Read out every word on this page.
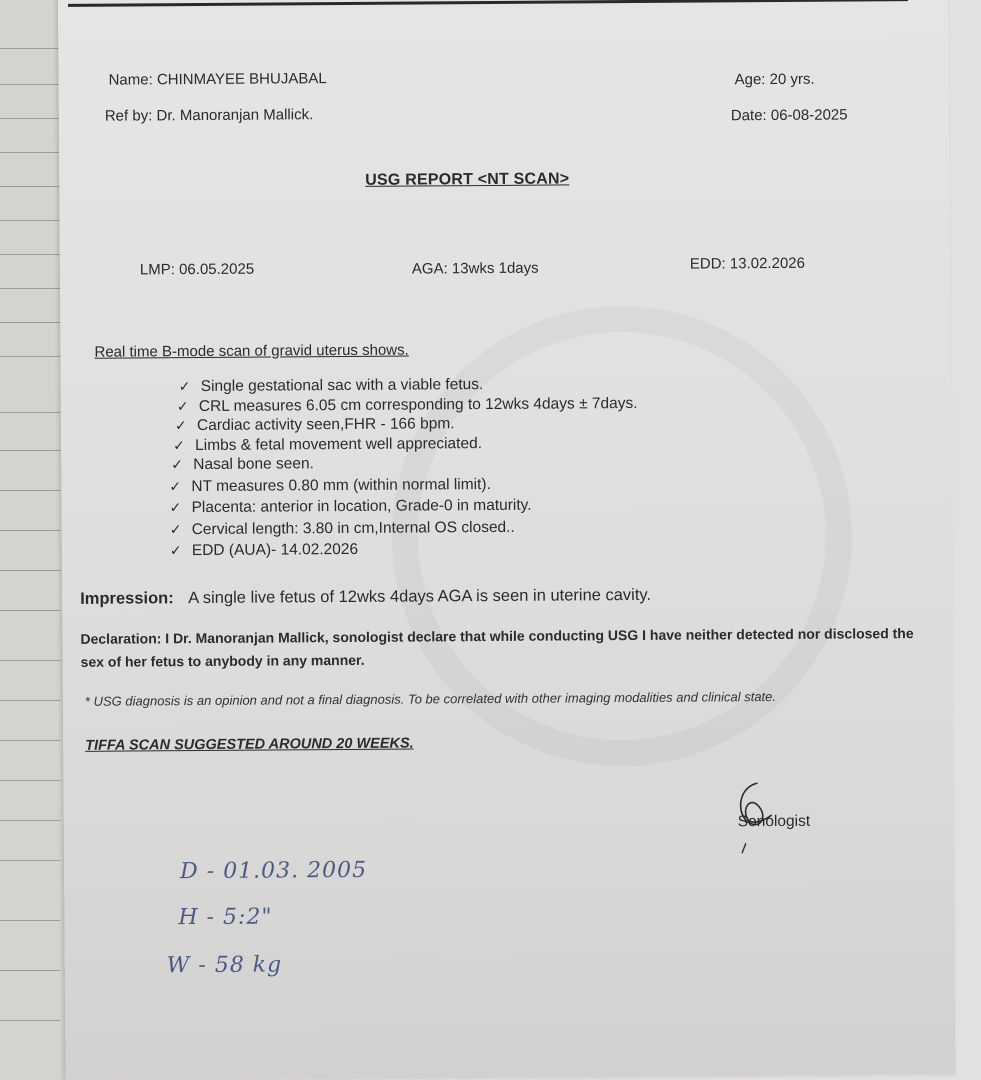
Name: CHINMAYEE BHUJABAL	Age: 20 yrs.
Ref by: Dr. Manoranjan Mallick.	Date: 06-08-2025
USG REPORT <NT SCAN>
LMP: 06.05.2025	AGA: 13wks 1days	EDD: 13.02.2026
Real time B-mode scan of gravid uterus shows.
✓ Single gestational sac with a viable fetus.
✓ CRL measures 6.05 cm corresponding to 12wks 4days ± 7days.
✓ Cardiac activity seen,FHR - 166 bpm.
✓ Limbs & fetal movement well appreciated.
✓ Nasal bone seen.
✓ NT measures 0.80 mm (within normal limit).
✓ Placenta: anterior in location, Grade-0 in maturity.
✓ Cervical length: 3.80 in cm,Internal OS closed..
✓ EDD (AUA)- 14.02.2026
Impression: A single live fetus of 12wks 4days AGA is seen in uterine cavity.
Declaration: I Dr. Manoranjan Mallick, sonologist declare that while conducting USG I have neither detected nor disclosed the sex of her fetus to anybody in any manner.
* USG diagnosis is an opinion and not a final diagnosis. To be correlated with other imaging modalities and clinical state.
TIFFA SCAN SUGGESTED AROUND 20 WEEKS.
Sonologist
D - 01.03. 2005
H - 5:2"
W - 58 kg
